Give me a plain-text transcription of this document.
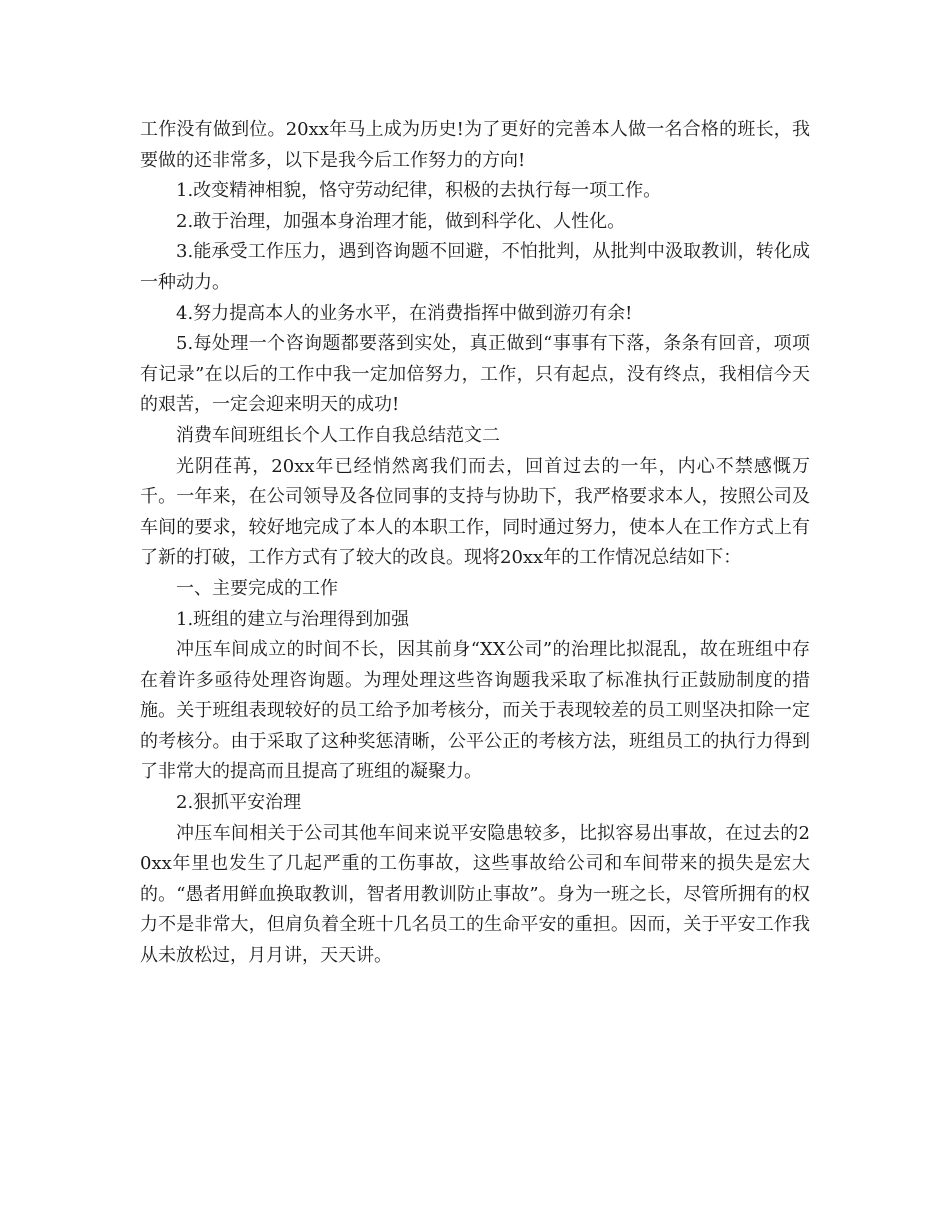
工作没有做到位。20xx年马上成为历史!为了更好的完善本人做一名合格的班长，我要做的还非常多，以下是我今后工作努力的方向!

1.改变精神相貌，恪守劳动纪律，积极的去执行每一项工作。

2.敢于治理，加强本身治理才能，做到科学化、人性化。

3.能承受工作压力，遇到咨询题不回避，不怕批判，从批判中汲取教训，转化成一种动力。

4.努力提高本人的业务水平，在消费指挥中做到游刃有余!

5.每处理一个咨询题都要落到实处，真正做到“事事有下落，条条有回音，项项有记录”在以后的工作中我一定加倍努力，工作，只有起点，没有终点，我相信今天的艰苦，一定会迎来明天的成功!

消费车间班组长个人工作自我总结范文二

光阴荏苒，20xx年已经悄然离我们而去，回首过去的一年，内心不禁感慨万千。一年来，在公司领导及各位同事的支持与协助下，我严格要求本人，按照公司及车间的要求，较好地完成了本人的本职工作，同时通过努力，使本人在工作方式上有了新的打破，工作方式有了较大的改良。现将20xx年的工作情况总结如下：

一、主要完成的工作

1.班组的建立与治理得到加强

冲压车间成立的时间不长，因其前身“XX公司”的治理比拟混乱，故在班组中存在着许多亟待处理咨询题。为理处理这些咨询题我采取了标准执行正鼓励制度的措施。关于班组表现较好的员工给予加考核分，而关于表现较差的员工则坚决扣除一定的考核分。由于采取了这种奖惩清晰，公平公正的考核方法，班组员工的执行力得到了非常大的提高而且提高了班组的凝聚力。

2.狠抓平安治理

冲压车间相关于公司其他车间来说平安隐患较多，比拟容易出事故，在过去的20xx年里也发生了几起严重的工伤事故，这些事故给公司和车间带来的损失是宏大的。“愚者用鲜血换取教训，智者用教训防止事故”。身为一班之长，尽管所拥有的权力不是非常大，但肩负着全班十几名员工的生命平安的重担。因而，关于平安工作我从未放松过，月月讲，天天讲。
